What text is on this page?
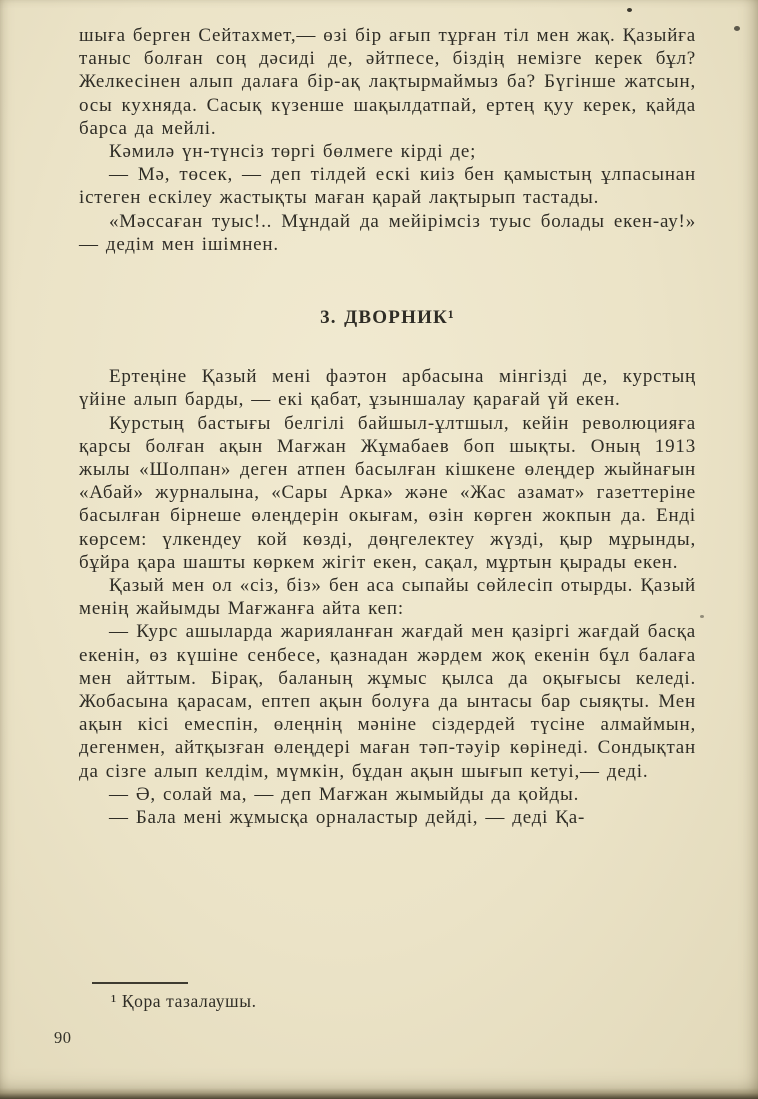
шыға берген Сейтахмет,— өзі бір ағып тұрған тіл мен жақ. Қазыйға таныс болған соң дәсиді де, әйтпесе, біздің немізге керек бұл? Желкесінен алып далаға бір-ақ лақтырмаймыз ба? Бүгінше жатсын, осы кухняда. Сасық күзенше шақылдатпай, ертең қуу керек, қайда барса да мейлі.

Кәмилә үн-түнсіз төргі бөлмеге кірді де;

— Мә, төсек, — деп тілдей ескі киіз бен қамыстың ұлпасынан істеген ескілеу жастықты маған қарай лақтырып тастады.

«Мәссаған туыс!.. Мұндай да мейірімсіз туыс болады екен-ау!» — дедім мен ішімнен.

3. ДВОРНИК¹

Ертеңіне Қазый мені фаэтон арбасына мінгізді де, курстың үйіне алып барды, — екі қабат, ұзыншалау қарағай үй екен.

Курстың бастығы белгілі байшыл-ұлтшыл, кейін революцияға қарсы болған ақын Мағжан Жұмабаев боп шықты. Оның 1913 жылы «Шолпан» деген атпен басылған кішкене өлеңдер жыйнағын «Абай» журналына, «Сары Арка» және «Жас азамат» газеттеріне басылған бірнеше өлеңдерін окығам, өзін көрген жокпын да. Енді көрсем: үлкендеу кой көзді, дөңгелектеу жүзді, қыр мұрынды, бұйра қара шашты көркем жігіт екен, сақал, мұртын қырады екен.

Қазый мен ол «сіз, біз» бен аса сыпайы сөйлесіп отырды. Қазый менің жайымды Мағжанға айта кеп:

— Курс ашыларда жарияланған жағдай мен қазіргі жағдай басқа екенін, өз күшіне сенбесе, қазнадан жәрдем жоқ екенін бұл балаға мен айттым. Бірақ, баланың жұмыс қылса да оқығысы келеді. Жобасына қарасам, ептеп ақын болуға да ынтасы бар сыяқты. Мен ақын кісі емеспін, өлеңнің мәніне сіздердей түсіне алмаймын, дегенмен, айтқызған өлеңдері маған тәп-тәуір көрінеді. Сондықтан да сізге алып келдім, мүмкін, бұдан ақын шығып кетуі,— деді.

— Ә, солай ма, — деп Мағжан жымыйды да қойды.

— Бала мені жұмысқа орналастыр дейді, — деді Қа-

¹ Қора тазалаушы.

90
